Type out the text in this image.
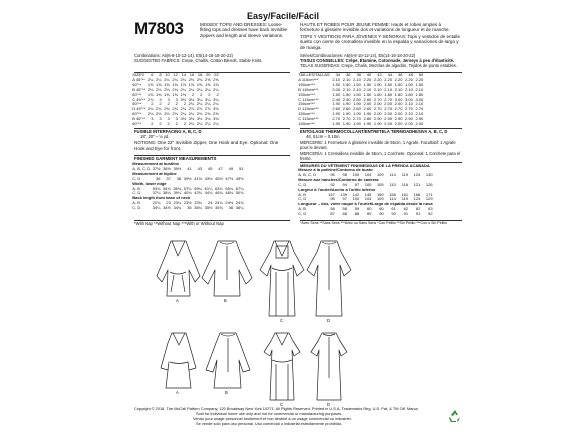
Easy/Facile/Fácil
M7803	MISSES' TOPS AND DRESSES: Loose-fitting tops and dresses have back invisible zippers and length and sleeve variations.
HAUTS ET ROBES POUR JEUNE FEMME: Hauts et robes amples à fermeture à glissière invisible dos et variations de longueur et de manche.
TOPS Y VESTIDOS PARA JÓVENES Y SEÑORAS: Tops y vestidos de entalle suelto con cierre de cremallera invisible en la espalda y variaciones de largo y de manga.
Combinations: A5(6-8-10-12-14), E5(14-16-18-20-22)
SUGGESTED FABRICS: Crepe, Challis, Cotton Blends, Stable Knits.
SIZES	6	8	10	12	14	16	18	20	22
A 45"**	2¼	2¼	2¼	2¼	2¼	2⅜	2⅜	2⅜	2⅜
60"**	1⅝	1⅝	1⅝	1⅝	1⅝	1⅝	1⅝	1⅝	1⅝
B 45"**	2⅛	2⅛	2⅛	2⅛	2¼	2¼	2¼	2¼	2¼
60"**	1⅝	1⅝	1⅝	1⅝	1⅝	2	2	2	2
C 45"**	2⅞	3	3	3	3⅛	3⅛	3¼	3¼	3¼
60"**	2	2	2	2	2	2¼	2¼	2¼	2¼
D 45"**	2¾	2¾	2¾	2¾	2¾	2⅞	2⅞	2⅞	3⅛
60"**	2⅛	2⅛	2⅛	2⅛	2¼	2¼	2⅜	2⅜	2⅜
B 45"**	3	3	3	3	3⅛	3⅛	3⅛	3⅛	3⅛
60"**	2	2	2	2	2	2¼	2¼	2¼	2¼
FUSIBLE INTERFACING A, B, C, D
18", 20" – ⅛ yd.
NOTIONS: One 22" Invisible Zipper, One Hook and Eye. Optional: One Hook and Eye for front.
FINISHED GARMENT MEASUREMENTS
Measurement at bustline									
A, B, C, D	37½	38½	39½	41	43	45	47	49	51
Measurement at hipline									
C, D	36	37	38	39½	41½	43½	45½	47½	49½
Width, lower edge									
A, B	53¾	54¾	55¾	57¼	59¼	61¼	63¼	65¼	67¼
C, D	37¼	38¼	39¼	40¾	42¾	44¾	46¾	48¾	50¾
Back length from base of neck									
A, B	22¾	23	23¼	23½	23¾	24	24¼	24½	24¾
C, D	34¼	34½	34¾	35	35¼	35½	35¾	36	36¼
*With Nap **Without Nap ***With or Without Nap
Séries/Combinaciones: A5(6-8-10-12-14), E5(14-16-18-20-22)
TISSUS CONSEILLÉS: Crêpe, Étamine, Cotonnade, Jerseys à peu d'élasticité.
TELAS SUGERIDAS: Crepe, Chalis, Mezclas de algodón, Tejidos de punto estables.
TAILLES/TALLAS	34	36	38	40	42	44	46	48	50
A 115cm***	2.10	2.10	2.10	2.20	2.20	2.20	2.20	2.20	2.20
150cm***	1.50	1.50	1.50	1.50	1.50	1.50	1.50	1.50	1.50
B 115cm***	2.00	2.10	2.10	2.10	2.10	2.10	2.10	2.10	2.10
150cm***	1.50	1.50	1.50	1.50	1.60	1.80	1.80	1.80	1.80
C 115cm***	2.40	2.40	2.50	2.60	2.70	2.70	3.00	3.00	3.00
150cm***	1.90	1.90	1.90	2.00	2.00	2.00	2.00	2.10	2.10
D 115cm***	2.60	2.60	2.60	2.60	2.70	2.70	2.70	2.70	2.70
150cm***	1.90	1.90	1.90	1.90	2.00	2.00	2.00	2.10	2.10
C 115cm***	2.70	2.70	2.70	2.80	2.90	2.90	2.90	2.90	2.90
150cm***	1.90	1.90	1.90	1.90	1.90	2.00	2.00	2.00	2.00
ENTOILAGE THERMOCOLLANT/ENTRETELA TERMOADHESIVA A, B, C, D
46, 51cm – 0.10m
MERCERIE: 1 Fermeture à glissière invisible de 55cm, 1 Agrafe. Facultatif: 1 Agrafe pour le devant.
MERCERÍA: 1 Cremallera invisible de 55cm, 1 Corchete. Opcional: 1 Corchete para el frente.
MESURES DU VÊTEMENT FINI/MEDIDAS DE LA PRENDA ACABADA
Mesure à la poitrine/Contorno de busto									
A, B, C, D	95	98	100	104	109	114	119	124	130
Mesure aux hanches/Contorno de caderas									
C, D	92	94	97	100	105	110	116	121	126
Largeur à l'ourlet/Ancho a l'orillo inferior									
A, B	137	139	142	145	150	156	161	166	171
C, D	95	97	100	104	109	114	119	124	129
Longueur – dos, votre nuque à l'ourlet/Largo de espalda desde la nuca									
A, B	58	58	59	60	60	61	62	62	63
C, D	87	88	88	89	90	90	91	91	92
*Avec Sens **Sans Sens ***Avec ou Sans Sens *Con Pelillo **Sin Pelillo ***Con o Sin Pelillo
A	B
C	D
A	B
C	D
Copyright © 2018, The McCall Pattern Company, 120 Broadway New York 10271. All Rights Reserved. Printed in U.S.A. Trademarks Reg. U.S. Pat. & TM Off. Marca
Sold for individual home use only and not for commercial or manufacturing purposes.
Vendu pour usage personnel seulement et non destiné à un usage commercial ou industriel.
Se vende sólo para uso personal. Uso comercial o industrial estrictamente prohibido.
